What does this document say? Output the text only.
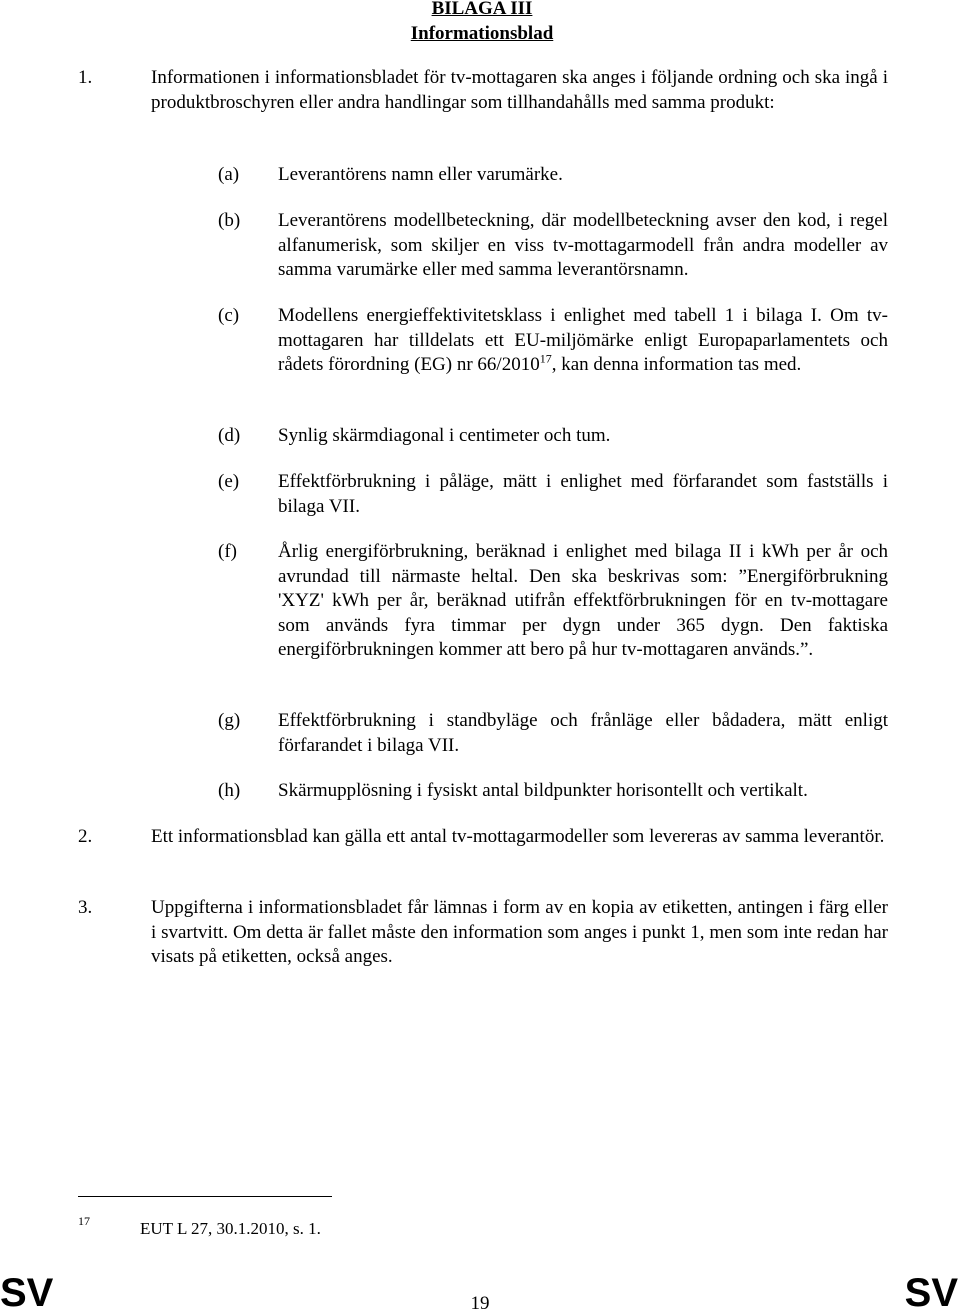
BILAGA III
Informationsblad
1.	Informationen i informationsbladet för tv-mottagaren ska anges i följande ordning och ska ingå i produktbroschyren eller andra handlingar som tillhandahålls med samma produkt:
(a) Leverantörens namn eller varumärke.
(b) Leverantörens modellbeteckning, där modellbeteckning avser den kod, i regel alfanumerisk, som skiljer en viss tv-mottagarmodell från andra modeller av samma varumärke eller med samma leverantörsnamn.
(c) Modellens energieffektivitetsklass i enlighet med tabell 1 i bilaga I. Om tv-mottagaren har tilldelats ett EU-miljömärke enligt Europaparlamentets och rådets förordning (EG) nr 66/2010$^{17}$, kan denna information tas med.
(d) Synlig skärmdiagonal i centimeter och tum.
(e) Effektförbrukning i påläge, mätt i enlighet med förfarandet som fastställs i bilaga VII.
(f) Årlig energiförbrukning, beräknad i enlighet med bilaga II i kWh per år och avrundad till närmaste heltal. Den ska beskrivas som: ”Energiförbrukning 'XYZ' kWh per år, beräknad utifrån effektförbrukningen för en tv-mottagare som används fyra timmar per dygn under 365 dygn. Den faktiska energiförbrukningen kommer att bero på hur tv-mottagaren används.”.
(g) Effektförbrukning i standbyläge och frånläge eller bådadera, mätt enligt förfarandet i bilaga VII.
(h) Skärmupplösning i fysiskt antal bildpunkter horisontellt och vertikalt.
2.	Ett informationsblad kan gälla ett antal tv-mottagarmodeller som levereras av samma leverantör.
3.	Uppgifterna i informationsbladet får lämnas i form av en kopia av etiketten, antingen i färg eller i svartvitt. Om detta är fallet måste den information som anges i punkt 1, men som inte redan har visats på etiketten, också anges.
17	EUT L 27, 30.1.2010, s. 1.
SV	19	SV
